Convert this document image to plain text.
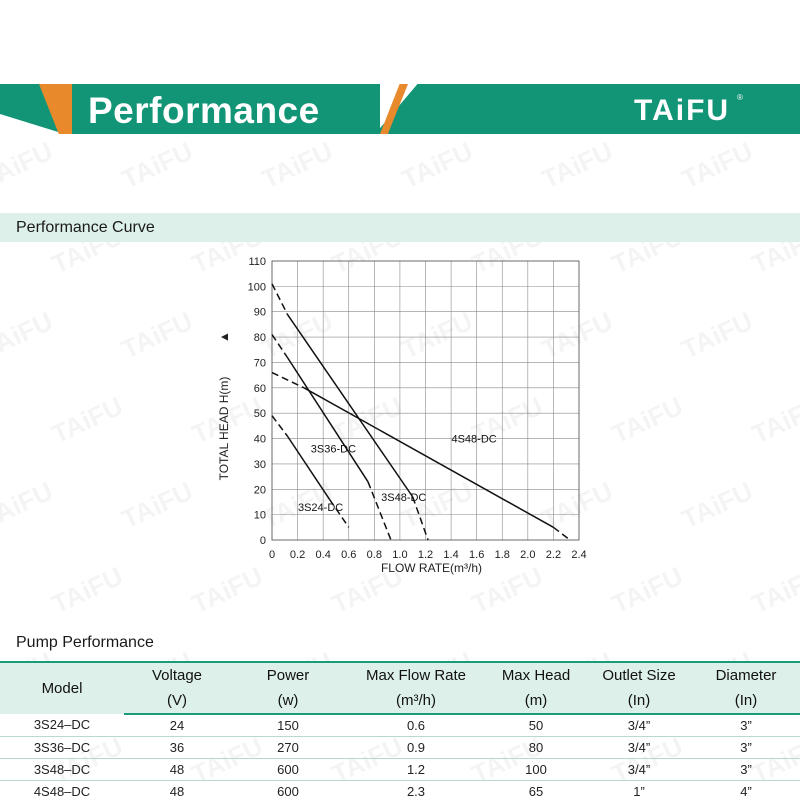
Performance	TAiFU ®
Performance Curve
0 0.2 0.4 0.6 0.8 1.0 1.2 1.4 1.6 1.8 2.0 2.2 2.4
0
10
20
30
40
50
60
70
80
90
100
110
FLOW RATE(m³/h)
TOTAL HEAD H(m)
▲
3S24-DC
3S36-DC
3S48-DC
4S48-DC
Pump Performance
Model	Voltage	Power	Max Flow Rate	Max Head	Outlet Size	Diameter
	(V)	(w)	(m³/h)	(m)	(In)	(In)
3S24–DC	24	150	0.6	50	3/4”	3”
3S36–DC	36	270	0.9	80	3/4”	3”
3S48–DC	48	600	1.2	100	3/4”	3”
4S48–DC	48	600	2.3	65	1”	4”
